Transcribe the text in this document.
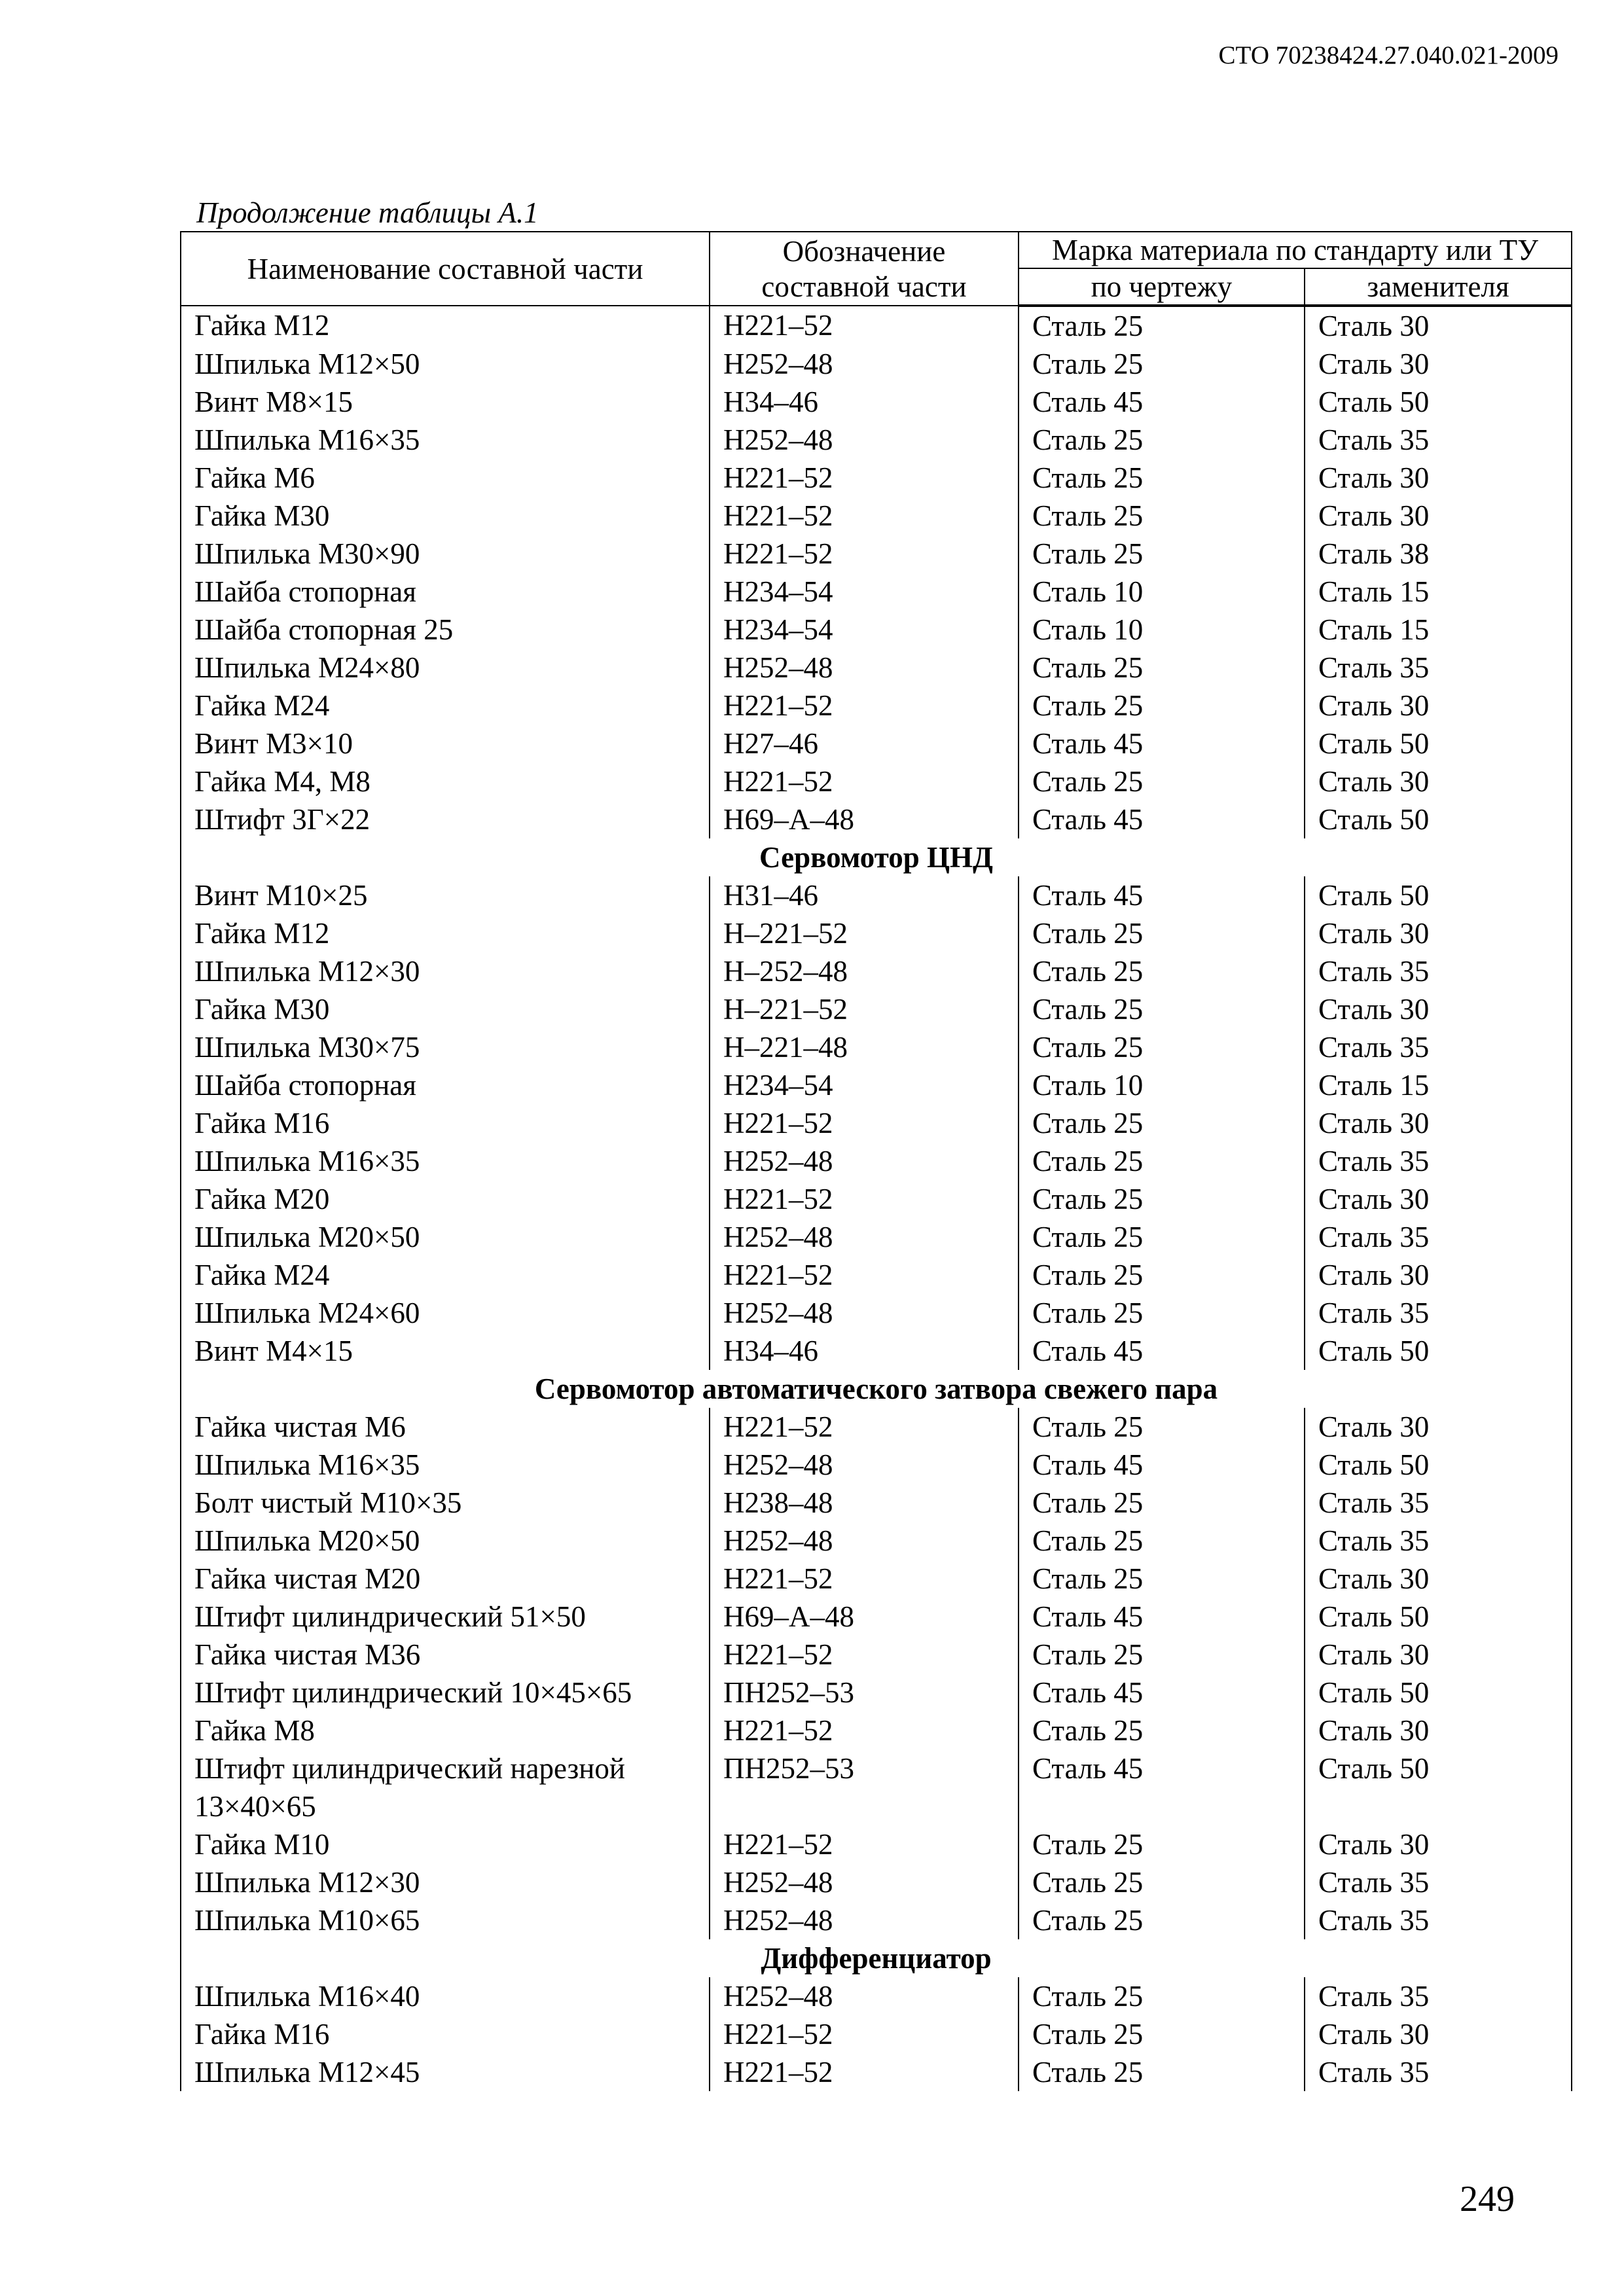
СТО 70238424.27.040.021-2009
Продолжение таблицы А.1
Наименование составной части	Обозначение составной части	Марка материала по стандарту или ТУ	
		по чертежу	заменителя
Гайка М12	Н221–52	Сталь 25	Сталь 30
Шпилька М12×50	Н252–48	Сталь 25	Сталь 30
Винт М8×15	Н34–46	Сталь 45	Сталь 50
Шпилька М16×35	Н252–48	Сталь 25	Сталь 35
Гайка М6	Н221–52	Сталь 25	Сталь 30
Гайка М30	Н221–52	Сталь 25	Сталь 30
Шпилька М30×90	Н221–52	Сталь 25	Сталь 38
Шайба стопорная	Н234–54	Сталь 10	Сталь 15
Шайба стопорная 25	Н234–54	Сталь 10	Сталь 15
Шпилька М24×80	Н252–48	Сталь 25	Сталь 35
Гайка М24	Н221–52	Сталь 25	Сталь 30
Винт М3×10	Н27–46	Сталь 45	Сталь 50
Гайка М4, М8	Н221–52	Сталь 25	Сталь 30
Штифт 3Г×22	Н69–А–48	Сталь 45	Сталь 50
Сервомотор ЦНД			
Винт М10×25	Н31–46	Сталь 45	Сталь 50
Гайка М12	Н–221–52	Сталь 25	Сталь 30
Шпилька М12×30	Н–252–48	Сталь 25	Сталь 35
Гайка М30	Н–221–52	Сталь 25	Сталь 30
Шпилька М30×75	Н–221–48	Сталь 25	Сталь 35
Шайба стопорная	Н234–54	Сталь 10	Сталь 15
Гайка М16	Н221–52	Сталь 25	Сталь 30
Шпилька М16×35	Н252–48	Сталь 25	Сталь 35
Гайка М20	Н221–52	Сталь 25	Сталь 30
Шпилька М20×50	Н252–48	Сталь 25	Сталь 35
Гайка М24	Н221–52	Сталь 25	Сталь 30
Шпилька М24×60	Н252–48	Сталь 25	Сталь 35
Винт М4×15	Н34–46	Сталь 45	Сталь 50
Сервомотор автоматического затвора свежего пара			
Гайка чистая М6	Н221–52	Сталь 25	Сталь 30
Шпилька М16×35	Н252–48	Сталь 45	Сталь 50
Болт чистый М10×35	Н238–48	Сталь 25	Сталь 35
Шпилька М20×50	Н252–48	Сталь 25	Сталь 35
Гайка чистая М20	Н221–52	Сталь 25	Сталь 30
Штифт цилиндрический 51×50	Н69–А–48	Сталь 45	Сталь 50
Гайка чистая М36	Н221–52	Сталь 25	Сталь 30
Штифт цилиндрический 10×45×65	ПН252–53	Сталь 45	Сталь 50
Гайка М8	Н221–52	Сталь 25	Сталь 30
Штифт цилиндрический нарезной 13×40×65	ПН252–53	Сталь 45	Сталь 50
Гайка М10	Н221–52	Сталь 25	Сталь 30
Шпилька М12×30	Н252–48	Сталь 25	Сталь 35
Шпилька М10×65	Н252–48	Сталь 25	Сталь 35
Дифференциатор			
Шпилька М16×40	Н252–48	Сталь 25	Сталь 35
Гайка М16	Н221–52	Сталь 25	Сталь 30
Шпилька М12×45	Н221–52	Сталь 25	Сталь 35
249
